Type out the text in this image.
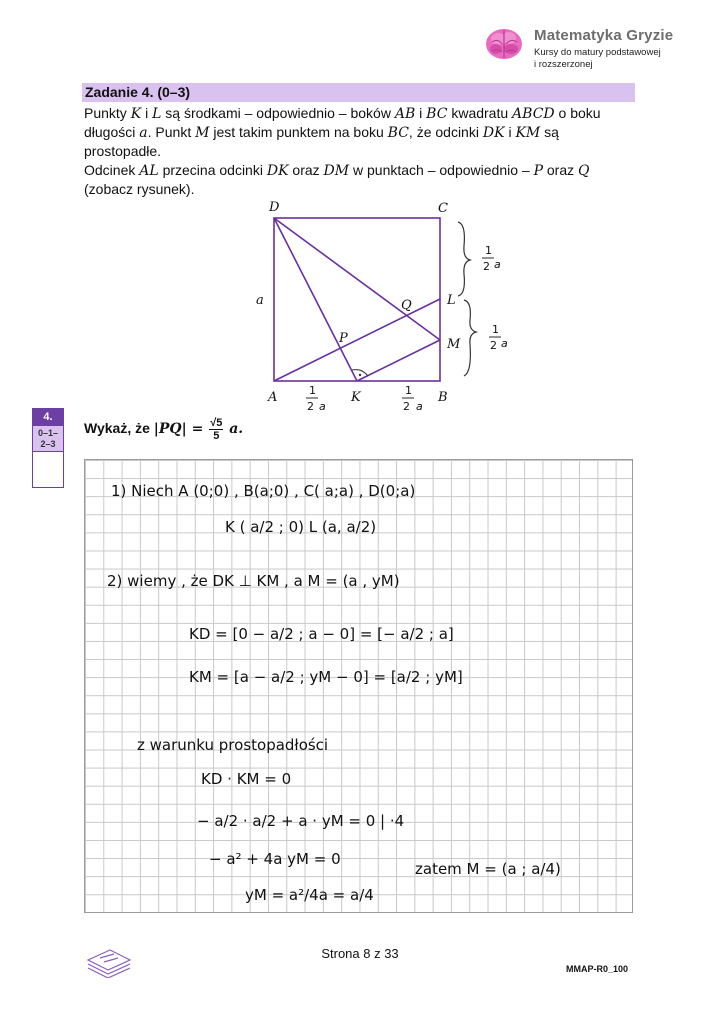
Matematyka Gryzie
Kursy do matury podstawowej
i rozszerzonej
Zadanie 4. (0–3)
Punkty K i L są środkami – odpowiednio – boków AB i BC kwadratu ABCD o boku
długości a. Punkt M jest takim punktem na boku BC, że odcinki DK i KM są
prostopadłe.
Odcinek AL przecina odcinki DK oraz DM w punktach – odpowiednio – P oraz Q
(zobacz rysunek).
D	C
A	B
K
L
M
P
Q
a
1
2 a
1
2 a
1
2 a
1
2 a
4.
0–1–
2–3
Wykaż, że $|PQ| = \frac{√5}{5} a$.
1) Niech A (0;0) , B(a;0) , C( a;a) , D(0;a)
K ( a/2 ; 0) L (a, a/2)
2) wiemy , że DK ⊥ KM , a M = (a , yM)
KD = [0 − a/2 ; a − 0] = [− a/2 ; a]
KM = [a − a/2 ; yM − 0] = [a/2 ; yM]
z warunku prostopadłości
KD · KM = 0
− a/2 · a/2 + a · yM = 0 | ·4
− a² + 4a yM = 0
zatem M = (a ; a/4)
yM = a²/4a = a/4
Strona 8 z 33
MMAP-R0_100
